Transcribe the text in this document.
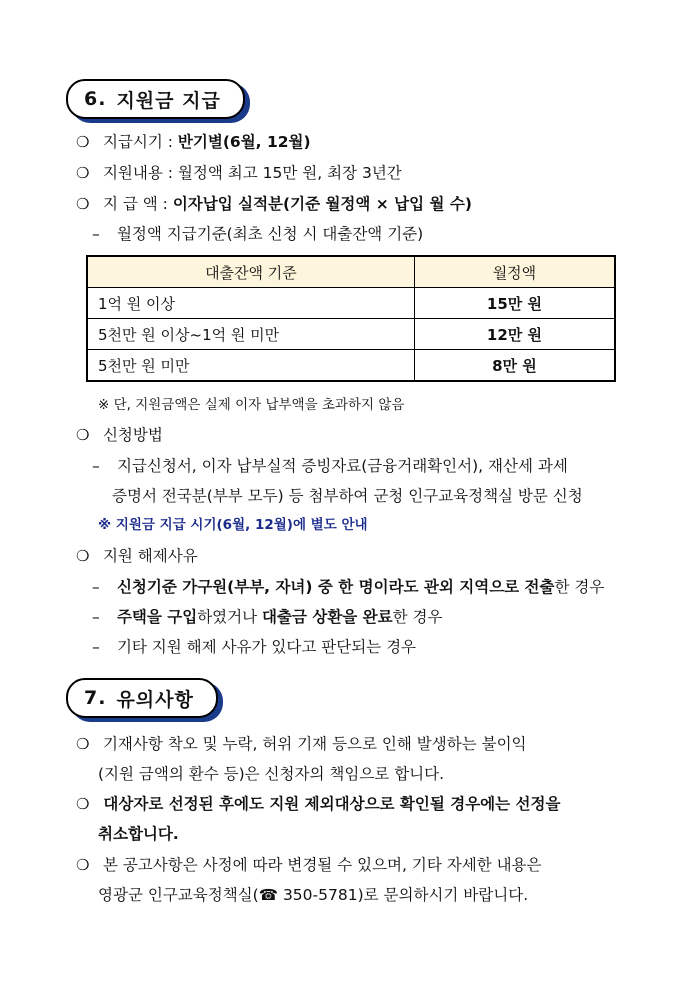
6. 지원금 지급
❍ 지급시기 : 반기별(6월, 12월)
❍ 지원내용 : 월정액 최고 15만 원, 최장 3년간
❍ 지 급 액 : 이자납입 실적분(기준 월정액 × 납입 월 수)
– 월정액 지급기준(최초 신청 시 대출잔액 기준)
대출잔액 기준	월정액
1억 원 이상	15만 원
5천만 원 이상~1억 원 미만	12만 원
5천만 원 미만	8만 원
※ 단, 지원금액은 실제 이자 납부액을 초과하지 않음
❍ 신청방법
– 지급신청서, 이자 납부실적 증빙자료(금융거래확인서), 재산세 과세
증명서 전국분(부부 모두) 등 첨부하여 군청 인구교육정책실 방문 신청
※ 지원금 지급 시기(6월, 12월)에 별도 안내
❍ 지원 해제사유
– 신청기준 가구원(부부, 자녀) 중 한 명이라도 관외 지역으로 전출한 경우
– 주택을 구입하였거나 대출금 상환을 완료한 경우
– 기타 지원 해제 사유가 있다고 판단되는 경우
7. 유의사항
❍ 기재사항 착오 및 누락, 허위 기재 등으로 인해 발생하는 불이익
(지원 금액의 환수 등)은 신청자의 책임으로 합니다.
❍ 대상자로 선정된 후에도 지원 제외대상으로 확인될 경우에는 선정을
취소합니다.
❍ 본 공고사항은 사정에 따라 변경될 수 있으며, 기타 자세한 내용은
영광군 인구교육정책실(☎ 350-5781)로 문의하시기 바랍니다.
